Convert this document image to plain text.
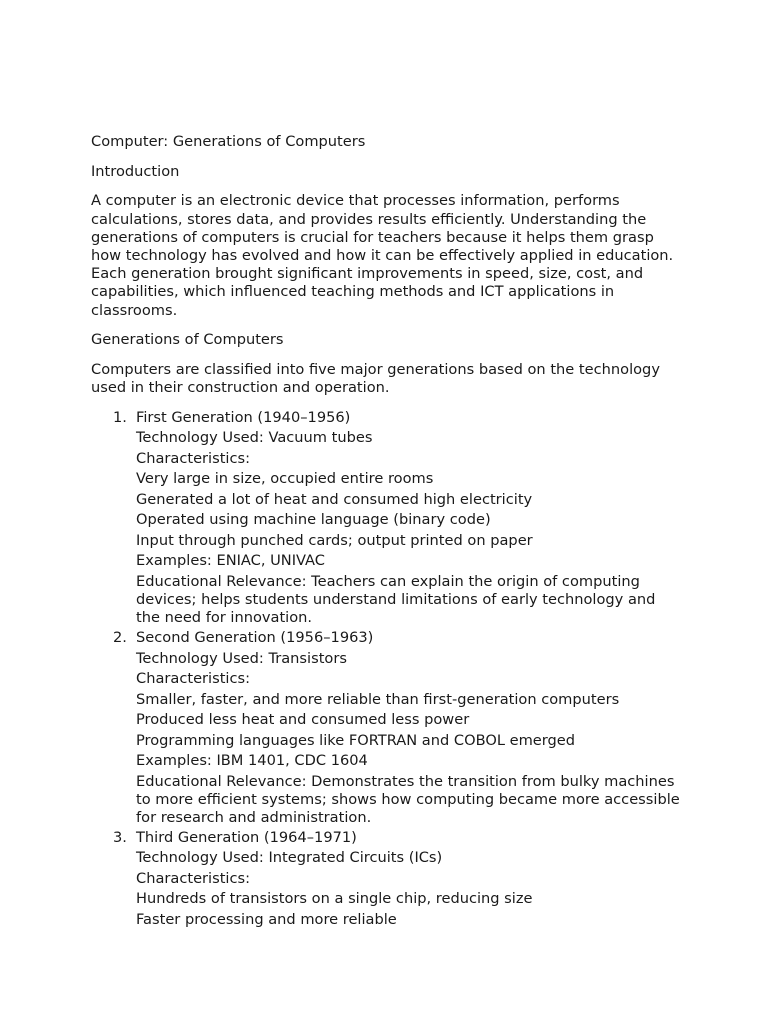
Computer: Generations of Computers

Introduction

A computer is an electronic device that processes information, performs calculations, stores data, and provides results efficiently. Understanding the generations of computers is crucial for teachers because it helps them grasp how technology has evolved and how it can be effectively applied in education. Each generation brought significant improvements in speed, size, cost, and capabilities, which influenced teaching methods and ICT applications in classrooms.

Generations of Computers

Computers are classified into five major generations based on the technology used in their construction and operation.

1. First Generation (1940–1956)

Technology Used: Vacuum tubes

Characteristics:

Very large in size, occupied entire rooms

Generated a lot of heat and consumed high electricity

Operated using machine language (binary code)

Input through punched cards; output printed on paper

Examples: ENIAC, UNIVAC

Educational Relevance: Teachers can explain the origin of computing devices; helps students understand limitations of early technology and the need for innovation.

2. Second Generation (1956–1963)

Technology Used: Transistors

Characteristics:

Smaller, faster, and more reliable than first-generation computers

Produced less heat and consumed less power

Programming languages like FORTRAN and COBOL emerged

Examples: IBM 1401, CDC 1604

Educational Relevance: Demonstrates the transition from bulky machines to more efficient systems; shows how computing became more accessible for research and administration.

3. Third Generation (1964–1971)

Technology Used: Integrated Circuits (ICs)

Characteristics:

Hundreds of transistors on a single chip, reducing size

Faster processing and more reliable
